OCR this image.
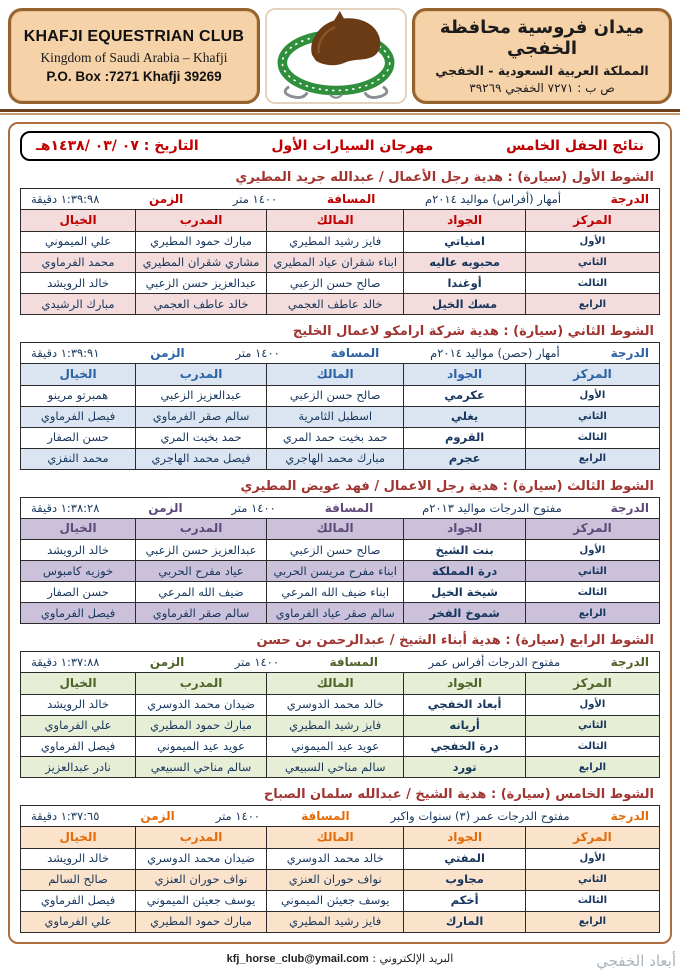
KHAFJI EQUESTRIAN CLUB
Kingdom of Saudi Arabia – Khafji
P.O. Box :7271 Khafji 39269
ميدان فروسية محافظة الخفجي
المملكة العربية السعودية - الخفجي
ص ب : ٧٢٧١ الخفجي ٣٩٢٦٩
نتائج الحفل الخامس
مهرجان السيارات الأول
التاريخ : ٠٧ /٠٣ /١٤٣٨هـ
الشوط الأول (سيارة) : هدية رجل الأعمال / عبدالله جريد المطيري
الدرجة
أمهار (أفراس) مواليد ٢٠١٤م
المسافة
١٤٠٠ متر
الزمن
١:٣٩:٩٨ دقيقة
المركز	الجواد	المالك	المدرب	الخيال
الأول	امنياتي	فايز رشيد المطيري	مبارك حمود المطيري	علي الميموني
الثاني	محبوبه عاليه	ابناء شقران عياد المطيري	مشاري شقران المطيري	محمد الفرماوي
الثالث	أوغندا	صالح حسن الزعبي	عبدالعزيز حسن الزعبي	خالد الرويشد
الرابع	مسك الخيل	خالد عاطف العجمي	خالد عاطف العجمي	مبارك الرشيدي
الشوط الثاني (سيارة) : هدية شركة ارامكو لاعمال الخليج
الدرجة
أمهار (حصن) مواليد ٢٠١٤م
المسافة
١٤٠٠ متر
الزمن
١:٣٩:٩١ دقيقة
المركز	الجواد	المالك	المدرب	الخيال
الأول	عكرمي	صالح حسن الزعبي	عبدالعزيز الزعبي	همبرتو مرينو
الثاني	يغلي	اسطبل الثامرية	سالم صقر الفرماوي	فيصل الفرماوي
الثالث	القروم	حمد بخيت حمد المري	حمد بخيت المري	حسن الصفار
الرابع	عجرم	مبارك محمد الهاجري	فيصل محمد الهاجري	محمد النفزي
الشوط الثالث (سيارة) : هدية رجل الاعمال / فهد عويض المطيري
الدرجة
مفتوح الدرجات مواليد ٢٠١٣م
المسافة
١٤٠٠ متر
الزمن
١:٣٨:٢٨ دقيقة
المركز	الجواد	المالك	المدرب	الخيال
الأول	بنت الشيخ	صالح حسن الزعبي	عبدالعزيز حسن الزعبي	خالد الرويشد
الثاني	درة المملكة	ابناء مفرح مريسن الحربي	عياد مفرح الحربي	خوزيه كامبوس
الثالث	شيخة الخيل	ابناء ضيف الله المرعي	ضيف الله المرعي	حسن الصفار
الرابع	شموخ الفخر	سالم صقر عياد الفرماوي	سالم صقر الفرماوي	فيصل الفرماوي
الشوط الرابع (سيارة) : هدية أبناء الشيخ / عبدالرحمن بن حسن
الدرجة
مفتوح الدرجات أفراس عمر
المسافة
١٤٠٠ متر
الزمن
١:٣٧:٨٨ دقيقة
المركز	الجواد	المالك	المدرب	الخيال
الأول	أبعاد الخفجي	خالد محمد الدوسري	ضيدان محمد الدوسري	خالد الرويشد
الثاني	أريانه	فايز رشيد المطيري	مبارك حمود المطيري	علي الفرماوي
الثالث	درة الخفجي	عويد عيد الميموني	عويد عيد الميموني	فيصل الفرماوي
الرابع	تورد	سالم مناحي السبيعي	سالم مناحي السبيعي	نادر عبدالعزيز
الشوط الخامس (سيارة) : هدية الشيخ / عبدالله سلمان الصباح
الدرجة
مفتوح الدرجات عمر (٣) سنوات واكبر
المسافة
١٤٠٠ متر
الزمن
١:٣٧:٦٥ دقيقة
المركز	الجواد	المالك	المدرب	الخيال
الأول	المفتي	خالد محمد الدوسري	ضيدان محمد الدوسري	خالد الرويشد
الثاني	مجاوب	نواف حوران العنزي	نواف حوران العنزي	صالح السالم
الثالث	أخكم	يوسف جعيثن الميموني	يوسف جعيثن الميموني	فيصل الفرماوي
الرابع	المارك	فايز رشيد المطيري	مبارك حمود المطيري	علي الفرماوي
البريد الإلكتروني : kfj_horse_club@ymail.com	أبعاد الخفجي
